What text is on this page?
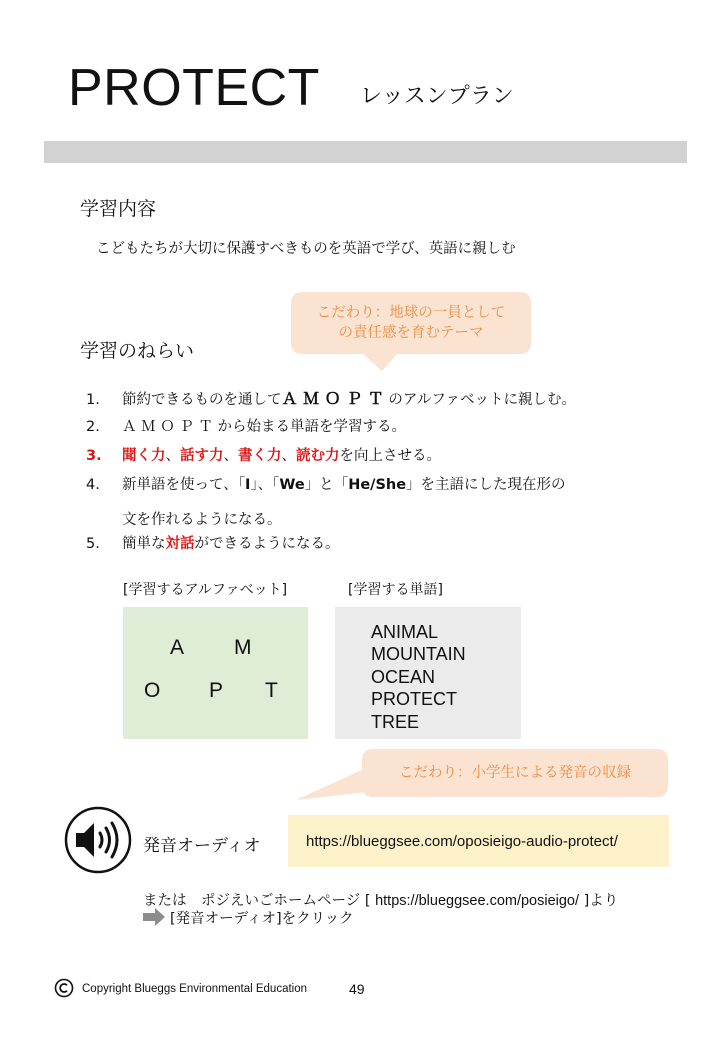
PROTECT レッスンプラン
学習内容
こどもたちが大切に保護すべきものを英語で学び、英語に親しむ
こだわり：地球の一員として
の責任感を育むテーマ
学習のねらい
1. 節約できるものを通してＡ Ｍ Ｏ Ｐ Ｔ のアルファベットに親しむ。
2. Ａ Ｍ Ｏ Ｐ Ｔ から始まる単語を学習する。
3. 聞く力、話す力、書く力、読む力を向上させる。
4. 新単語を使って、「I」、「We」と「He/She」を主語にした現在形の
文を作れるようになる。
5. 簡単な対話ができるようになる。
[学習するアルファベット]	[学習する単語]
A M
O P T
ANIMAL
MOUNTAIN
OCEAN
PROTECT
TREE
こだわり：小学生による発音の収録
発音オーディオ	https://blueggsee.com/oposieigo-audio-protect/
または　ポジえいごホームページ [ https://blueggsee.com/posieigo/ ]より
[発音オーディオ]をクリック
Copyright Blueggs Environmental Education	49
